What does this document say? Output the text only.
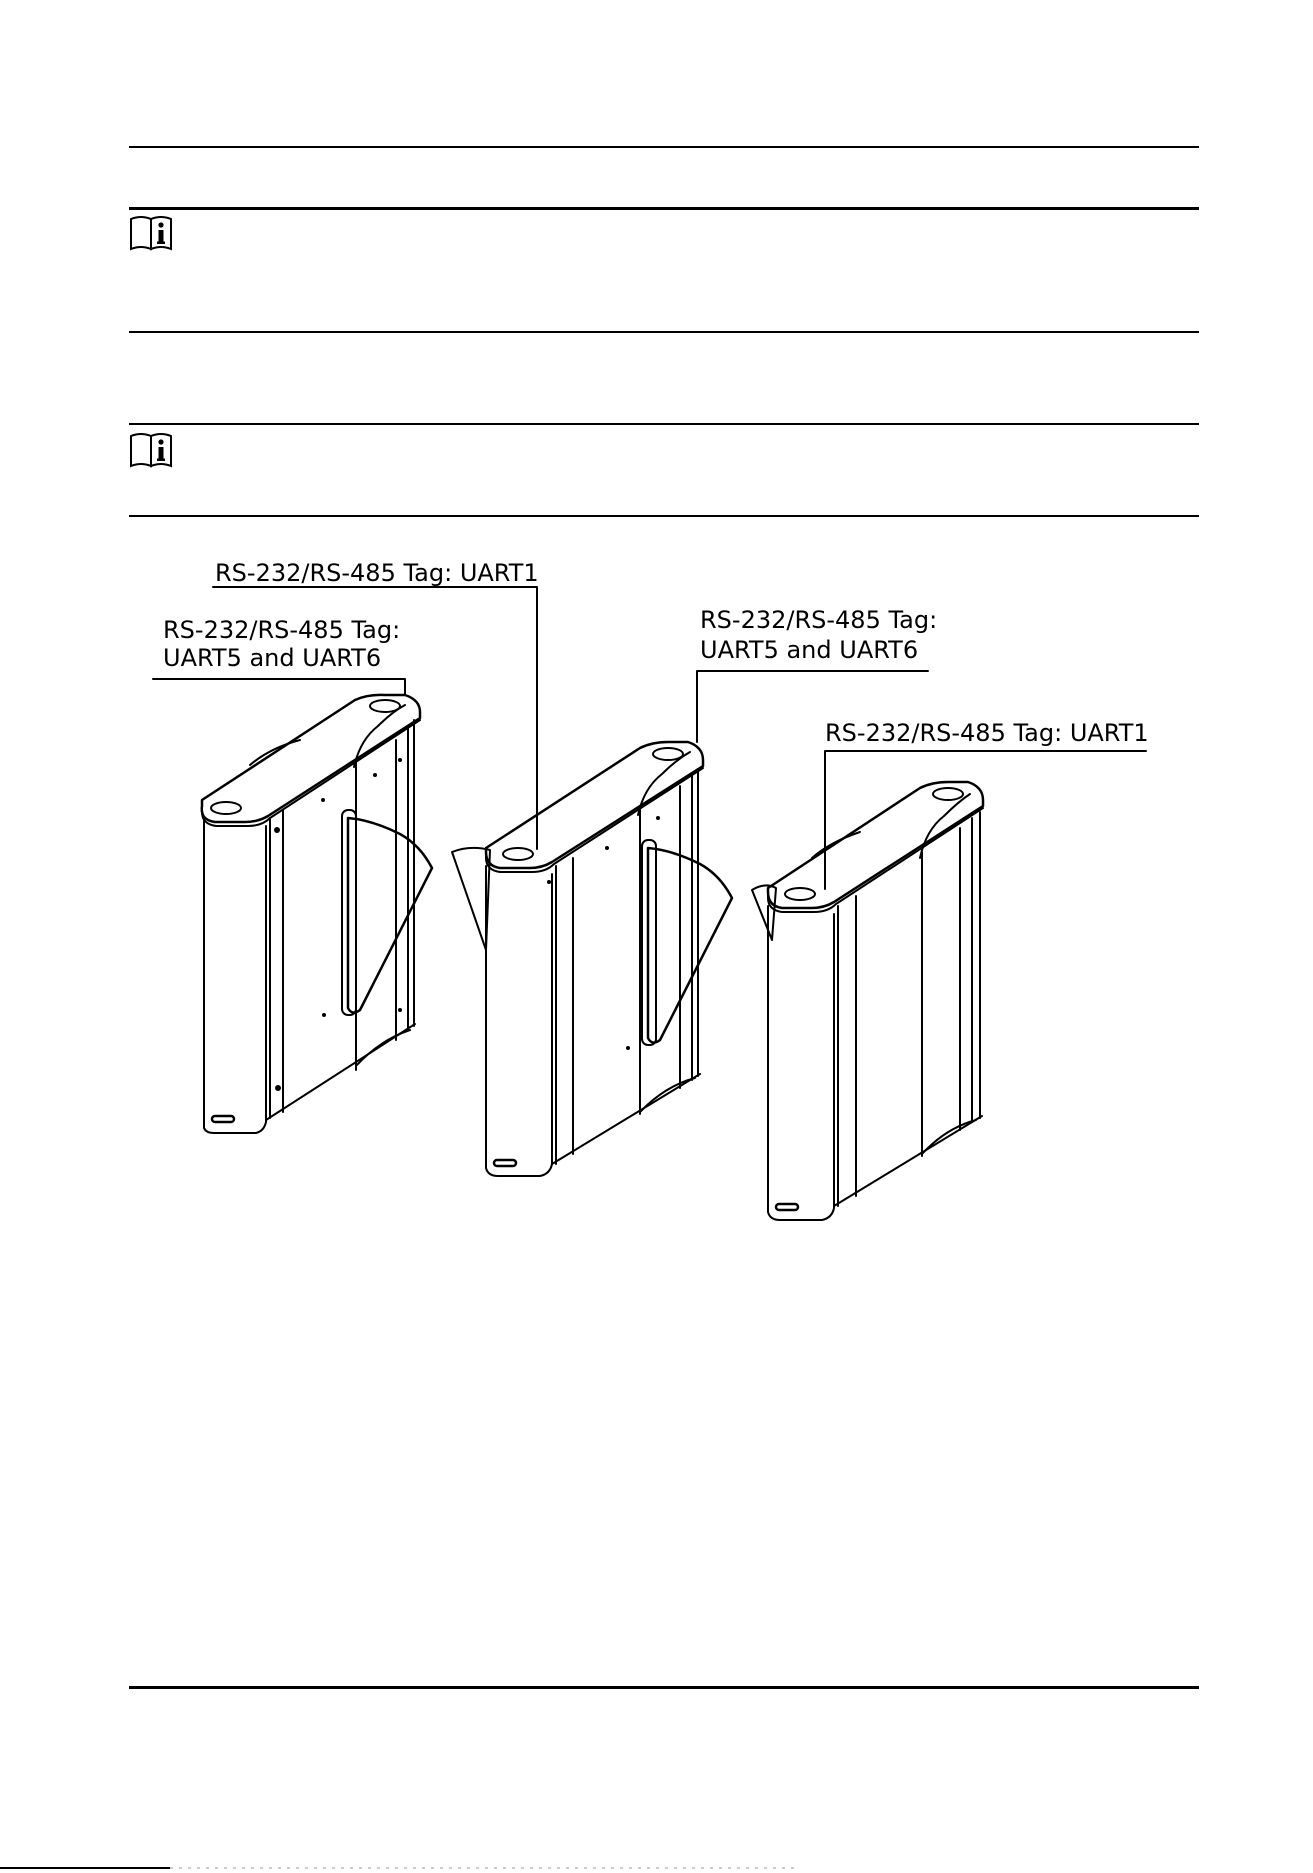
RS-232/RS-485 Tag: UART1
RS-232/RS-485 Tag:
UART5 and UART6
RS-232/RS-485 Tag:
UART5 and UART6
RS-232/RS-485 Tag: UART1
